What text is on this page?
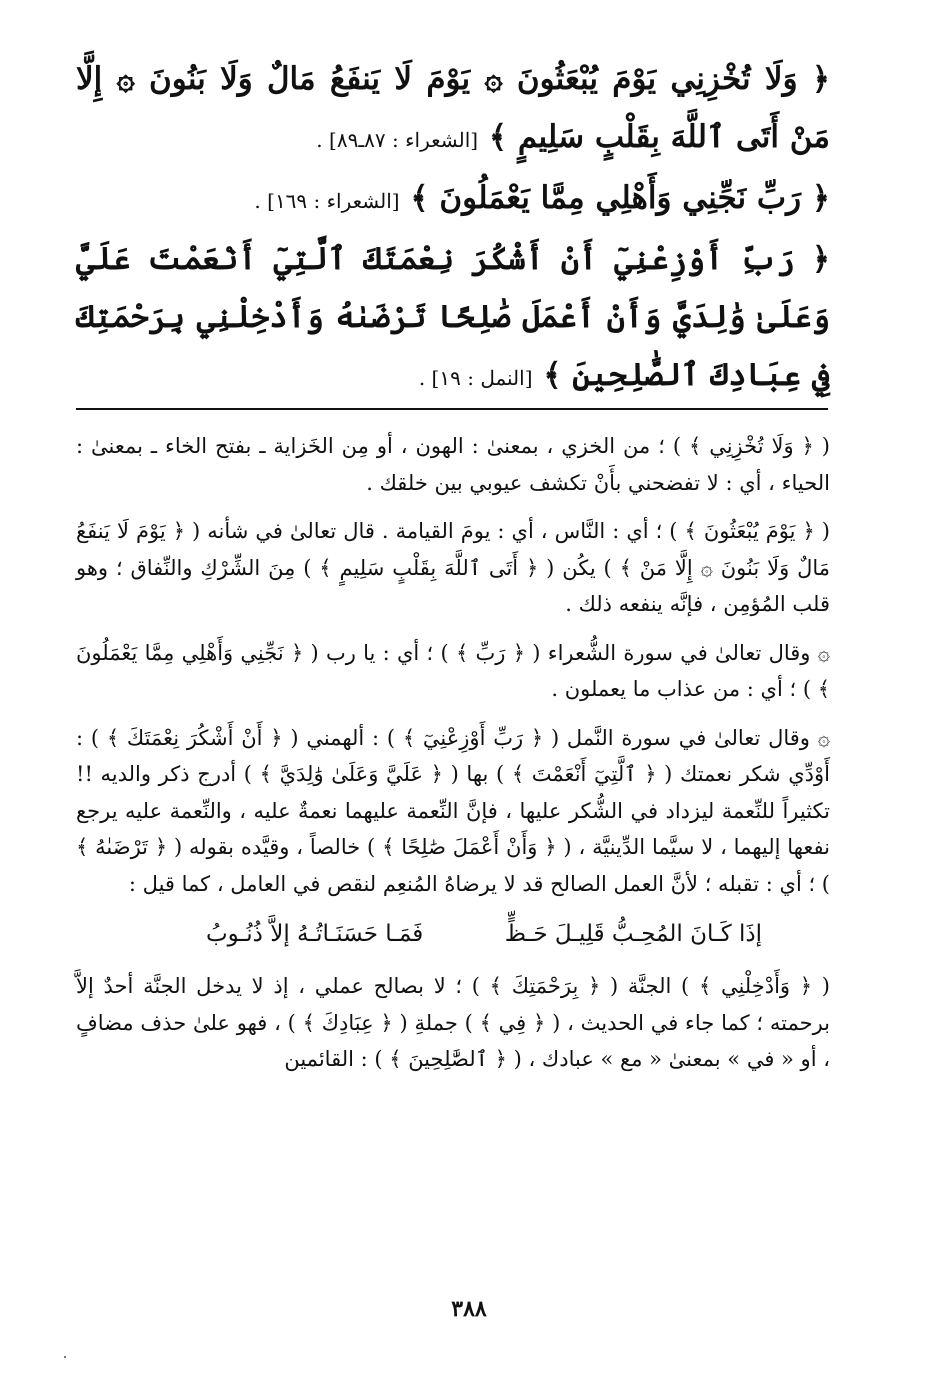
﴿ وَلَا تُخْزِنِي يَوْمَ يُبْعَثُونَ ۞ يَوْمَ لَا يَنفَعُ مَالٌ وَلَا بَنُونَ ۞ إِلَّا مَنْ أَتَى ٱللَّهَ بِقَلْبٍ سَلِيمٍ ﴾ [الشعراء : ٨٧ـ٨٩] .

﴿ رَبِّ نَجِّنِي وَأَهْلِي مِمَّا يَعْمَلُونَ ﴾ [الشعراء : ١٦٩] .

﴿ رَبِّ أَوْزِعْنِيٓ أَنْ أَشْكُرَ نِعْمَتَكَ ٱلَّتِيٓ أَنْعَمْتَ عَلَيَّ وَعَلَىٰ وَٰلِدَيَّ وَأَنْ أَعْمَلَ صَٰلِحًا تَرْضَىٰهُ وَأَدْخِلْنِي بِرَحْمَتِكَ فِي عِبَادِكَ ٱلصَّٰلِحِينَ ﴾ [النمل : ١٩] .

( ﴿ وَلَا تُخْزِنِي ﴾ ) ؛ من الخزي ، بمعنىٰ : الهون ، أو مِن الخَزاية ـ بفتح الخاء ـ بمعنىٰ : الحياء ، أي : لا تفضحني بأَنْ تكشف عيوبي بين خلقك .

( ﴿ يَوْمَ يُبْعَثُونَ ﴾ ) ؛ أي : النَّاس ، أي : يومَ القيامة . قال تعالىٰ في شأنه ( ﴿ يَوْمَ لَا يَنفَعُ مَالٌ وَلَا بَنُونَ ۞ إِلَّا مَنْ ﴾ ) يكُن ( ﴿ أَتَى ٱللَّهَ بِقَلْبٍ سَلِيمٍ ﴾ ) مِنَ الشِّرْكِ والنِّفاق ؛ وهو قلب المُؤمِن ، فإنَّه ينفعه ذلك .

۞ وقال تعالىٰ في سورة الشُّعراء ( ﴿ رَبِّ ﴾ ) ؛ أي : يا رب ( ﴿ نَجِّنِي وَأَهْلِي مِمَّا يَعْمَلُونَ ﴾ ) ؛ أي : من عذاب ما يعملون .

۞ وقال تعالىٰ في سورة النَّمل ( ﴿ رَبِّ أَوْزِعْنِيٓ ﴾ ) : ألهمني ( ﴿ أَنْ أَشْكُرَ نِعْمَتَكَ ﴾ ) : أَوْدِّي شكر نعمتك ( ﴿ ٱلَّتِيٓ أَنْعَمْتَ ﴾ ) بها ( ﴿ عَلَيَّ وَعَلَىٰ وَٰلِدَيَّ ﴾ ) أدرج ذكر والديه !! تكثيراً للنِّعمة ليزداد في الشُّكر عليها ، فإنَّ النِّعمة عليهما نعمةٌ عليه ، والنِّعمة عليه يرجع نفعها إليهما ، لا سيَّما الدِّينيَّة ، ( ﴿ وَأَنْ أَعْمَلَ صَٰلِحًا ﴾ ) خالصاً ، وقيَّده بقوله ( ﴿ تَرْضَىٰهُ ﴾ ) ؛ أي : تقبله ؛ لأنَّ العمل الصالح قد لا يرضاهُ المُنعِم لنقص في العامل ، كما قيل :

إذَا كَـانَ المُحِـبُّ قَلِيـلَ حَـظٍّ
فَمَـا حَسَنَـاتُـهُ إلاَّ ذُنُـوبُ

( ﴿ وَأَدْخِلْنِي ﴾ ) الجنَّة ( ﴿ بِرَحْمَتِكَ ﴾ ) ؛ لا بصالح عملي ، إذ لا يدخل الجنَّة أحدٌ إلاَّ برحمته ؛ كما جاء في الحديث ، ( ﴿ فِي ﴾ ) جملةِ ( ﴿ عِبَادِكَ ﴾ ) ، فهو علىٰ حذف مضافٍ ، أو « في » بمعنىٰ « مع » عبادك ، ( ﴿ ٱلصَّٰلِحِينَ ﴾ ) : القائمين

٣٨٨
